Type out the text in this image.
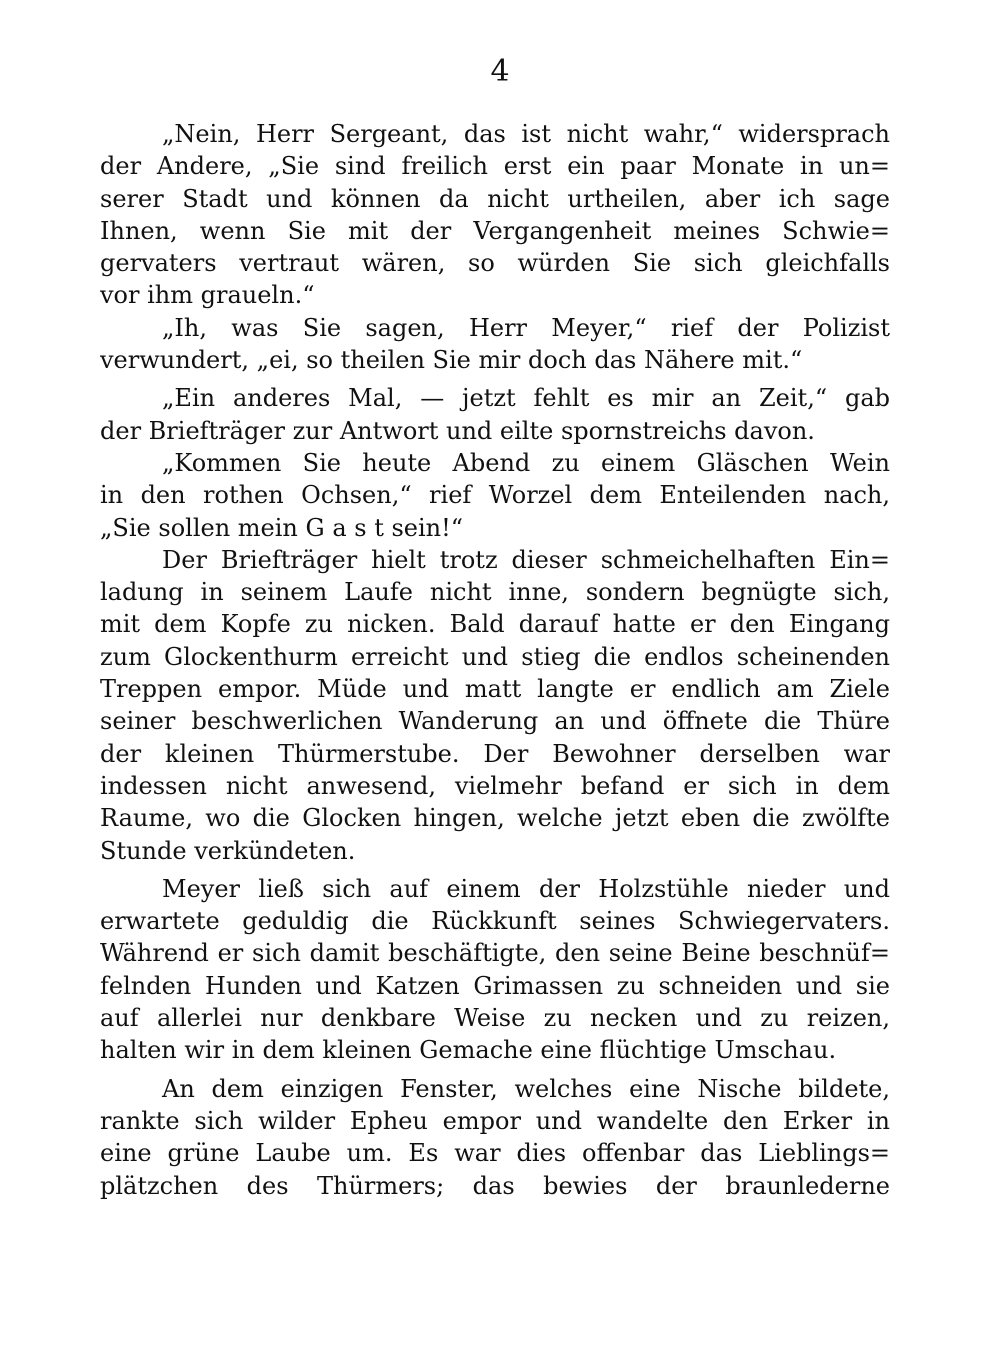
4
„Nein, Herr Sergeant, das ist nicht wahr,“ widersprach
der Andere, „Sie sind freilich erst ein paar Monate in un=
serer Stadt und können da nicht urtheilen, aber ich sage
Ihnen, wenn Sie mit der Vergangenheit meines Schwie=
gervaters vertraut wären, so würden Sie sich gleichfalls
vor ihm graueln.“
„Ih, was Sie sagen, Herr Meyer,“ rief der Polizist
verwundert, „ei, so theilen Sie mir doch das Nähere mit.“
„Ein anderes Mal, — jetzt fehlt es mir an Zeit,“ gab
der Briefträger zur Antwort und eilte spornstreichs davon.
„Kommen Sie heute Abend zu einem Gläschen Wein
in den rothen Ochsen,“ rief Worzel dem Enteilenden nach,
„Sie sollen mein G a s t sein!“
Der Briefträger hielt trotz dieser schmeichelhaften Ein=
ladung in seinem Laufe nicht inne, sondern begnügte sich,
mit dem Kopfe zu nicken. Bald darauf hatte er den Eingang
zum Glockenthurm erreicht und stieg die endlos scheinenden
Treppen empor. Müde und matt langte er endlich am Ziele
seiner beschwerlichen Wanderung an und öffnete die Thüre
der kleinen Thürmerstube. Der Bewohner derselben war
indessen nicht anwesend, vielmehr befand er sich in dem
Raume, wo die Glocken hingen, welche jetzt eben die zwölfte
Stunde verkündeten.
Meyer ließ sich auf einem der Holzstühle nieder und
erwartete geduldig die Rückkunft seines Schwiegervaters.
Während er sich damit beschäftigte, den seine Beine beschnüf=
felnden Hunden und Katzen Grimassen zu schneiden und sie
auf allerlei nur denkbare Weise zu necken und zu reizen,
halten wir in dem kleinen Gemache eine flüchtige Umschau.
An dem einzigen Fenster, welches eine Nische bildete,
rankte sich wilder Epheu empor und wandelte den Erker in
eine grüne Laube um. Es war dies offenbar das Lieblings=
plätzchen des Thürmers; das bewies der braunlederne
